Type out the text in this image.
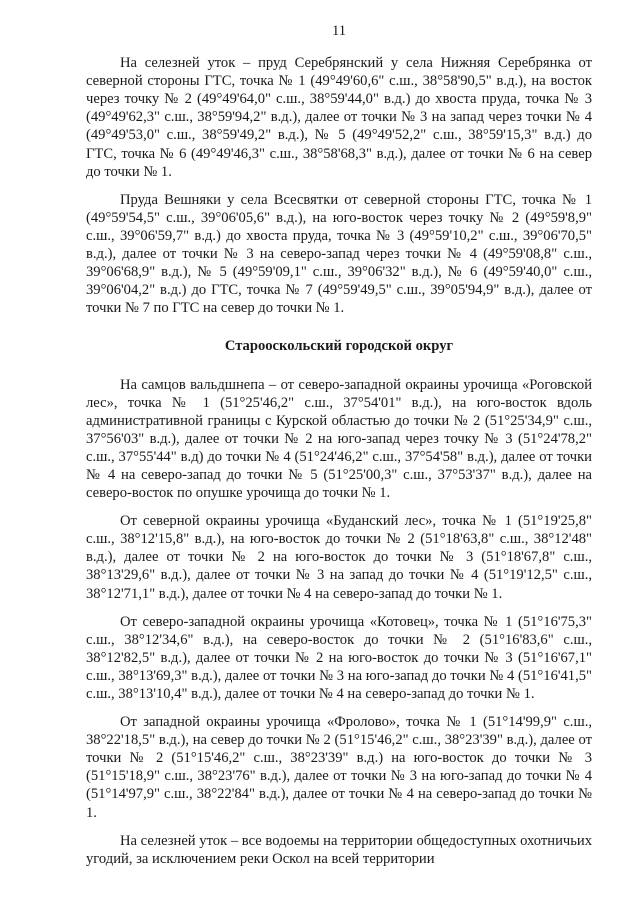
11

На селезней уток – пруд Серебрянский у села Нижняя Серебрянка от северной стороны ГТС, точка № 1 (49°49'60,6" с.ш., 38°58'90,5" в.д.), на восток через точку № 2 (49°49'64,0" с.ш., 38°59'44,0" в.д.) до хвоста пруда, точка № 3 (49°49'62,3" с.ш., 38°59'94,2" в.д.), далее от точки № 3 на запад через точки № 4 (49°49'53,0" с.ш., 38°59'49,2" в.д.), № 5 (49°49'52,2" с.ш., 38°59'15,3" в.д.) до ГТС, точка № 6 (49°49'46,3" с.ш., 38°58'68,3" в.д.), далее от точки № 6 на север до точки № 1.

Пруда Вешняки у села Всесвятки от северной стороны ГТС, точка № 1 (49°59'54,5" с.ш., 39°06'05,6" в.д.), на юго-восток через точку № 2 (49°59'8,9" с.ш., 39°06'59,7" в.д.) до хвоста пруда, точка № 3 (49°59'10,2" с.ш., 39°06'70,5" в.д.), далее от точки № 3 на северо-запад через точки № 4 (49°59'08,8" с.ш., 39°06'68,9" в.д.), № 5 (49°59'09,1" с.ш., 39°06'32" в.д.), № 6 (49°59'40,0" с.ш., 39°06'04,2" в.д.) до ГТС, точка № 7 (49°59'49,5" с.ш., 39°05'94,9" в.д.), далее от точки № 7 по ГТС на север до точки № 1.

Старооскольский городской округ

На самцов вальдшнепа – от северо-западной окраины урочища «Роговской лес», точка № 1 (51°25'46,2" с.ш., 37°54'01" в.д.), на юго-восток вдоль административной границы с Курской областью до точки № 2 (51°25'34,9" с.ш., 37°56'03" в.д.), далее от точки № 2 на юго-запад через точку № 3 (51°24'78,2" с.ш., 37°55'44" в.д) до точки № 4 (51°24'46,2" с.ш., 37°54'58" в.д.), далее от точки № 4 на северо-запад до точки № 5 (51°25'00,3" с.ш., 37°53'37" в.д.), далее на северо-восток по опушке урочища до точки № 1.

От северной окраины урочища «Буданский лес», точка № 1 (51°19'25,8" с.ш., 38°12'15,8" в.д.), на юго-восток до точки № 2 (51°18'63,8" с.ш., 38°12'48" в.д.), далее от точки № 2 на юго-восток до точки № 3 (51°18'67,8" с.ш., 38°13'29,6" в.д.), далее от точки № 3 на запад до точки № 4 (51°19'12,5" с.ш., 38°12'71,1" в.д.), далее от точки № 4 на северо-запад до точки № 1.

От северо-западной окраины урочища «Котовец», точка № 1 (51°16'75,3" с.ш., 38°12'34,6" в.д.), на северо-восток до точки № 2 (51°16'83,6" с.ш., 38°12'82,5" в.д.), далее от точки № 2 на юго-восток до точки № 3 (51°16'67,1" с.ш., 38°13'69,3" в.д.), далее от точки № 3 на юго-запад до точки № 4 (51°16'41,5" с.ш., 38°13'10,4" в.д.), далее от точки № 4 на северо-запад до точки № 1.

От западной окраины урочища «Фролово», точка № 1 (51°14'99,9" с.ш., 38°22'18,5" в.д.), на север до точки № 2 (51°15'46,2" с.ш., 38°23'39" в.д.), далее от точки № 2 (51°15'46,2" с.ш., 38°23'39" в.д.) на юго-восток до точки № 3 (51°15'18,9" с.ш., 38°23'76" в.д.), далее от точки № 3 на юго-запад до точки № 4 (51°14'97,9" с.ш., 38°22'84" в.д.), далее от точки № 4 на северо-запад до точки № 1.

На селезней уток – все водоемы на территории общедоступных охотничьих угодий, за исключением реки Оскол на всей территории
